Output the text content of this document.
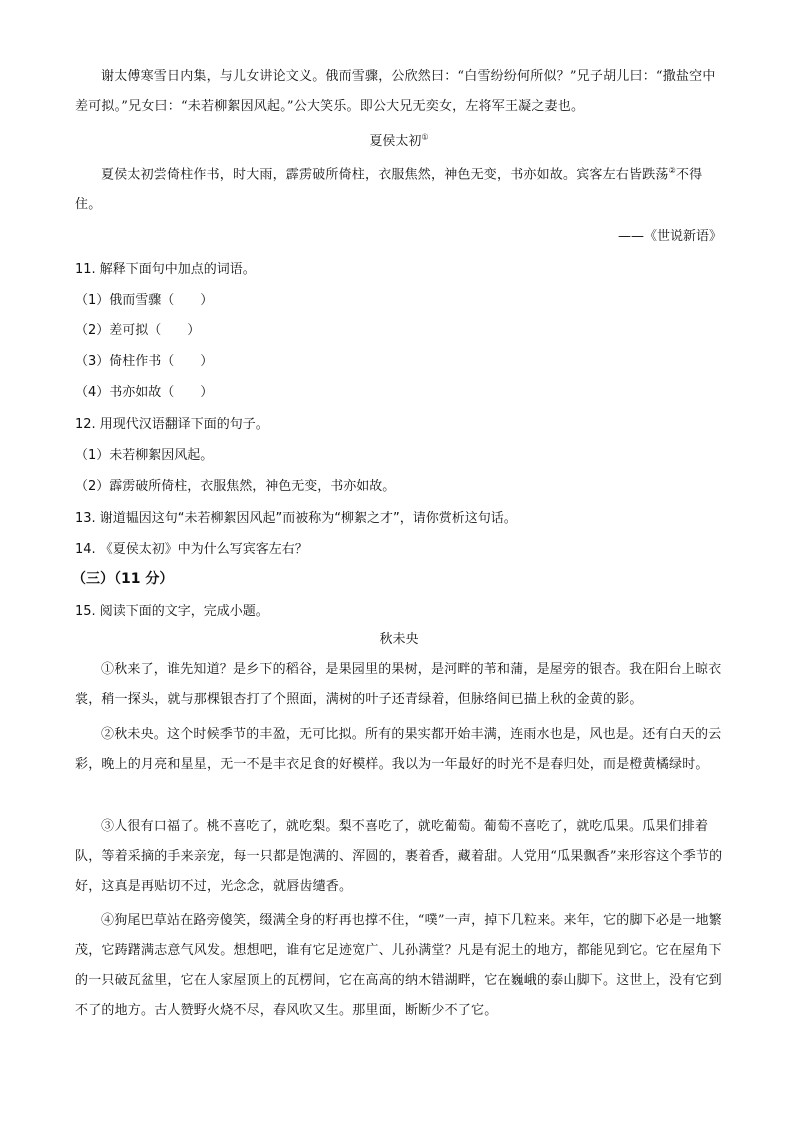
谢太傅寒雪日内集，与儿女讲论文义。俄而雪骤，公欣然曰：“白雪纷纷何所似？”兄子胡儿曰：“撒盐空中差可拟。”兄女曰：“未若柳絮因风起。”公大笑乐。即公大兄无奕女，左将军王凝之妻也。
夏侯太初①
夏侯太初尝倚柱作书，时大雨，霹雳破所倚柱，衣服焦然，神色无变，书亦如故。宾客左右皆跌荡②不得住。
——《世说新语》
11. 解释下面句中加点的词语。
（1）俄而雪骤（　　）
（2）差可拟（　　）
（3）倚柱作书（　　）
（4）书亦如故（　　）
12. 用现代汉语翻译下面的句子。
（1）未若柳絮因风起。
（2）霹雳破所倚柱，衣服焦然，神色无变，书亦如故。
13. 谢道韫因这句“未若柳絮因风起”而被称为“柳絮之才”，请你赏析这句话。
14. 《夏侯太初》中为什么写宾客左右？
（三）（11 分）
15. 阅读下面的文字，完成小题。
秋未央
①秋来了，谁先知道？是乡下的稻谷，是果园里的果树，是河畔的苇和蒲，是屋旁的银杏。我在阳台上晾衣裳，稍一探头，就与那棵银杏打了个照面，满树的叶子还青绿着，但脉络间已描上秋的金黄的影。
②秋未央。这个时候季节的丰盈，无可比拟。所有的果实都开始丰满，连雨水也是，风也是。还有白天的云彩，晚上的月亮和星星，无一不是丰衣足食的好模样。我以为一年最好的时光不是春归处，而是橙黄橘绿时。
③人很有口福了。桃不喜吃了，就吃梨。梨不喜吃了，就吃葡萄。葡萄不喜吃了，就吃瓜果。瓜果们排着队，等着采摘的手来亲宠，每一只都是饱满的、浑圆的，裹着香，藏着甜。人党用“瓜果飘香”来形容这个季节的好，这真是再贴切不过，光念念，就唇齿缱香。
④狗尾巴草站在路旁傻笑，缀满全身的籽再也撑不住，“噗”一声，掉下几粒来。来年，它的脚下必是一地繁茂，它踌躇满志意气风发。想想吧，谁有它足迹宽广、儿孙满堂？凡是有泥土的地方，都能见到它。它在屋角下的一只破瓦盆里，它在人家屋顶上的瓦楞间，它在高高的纳木错湖畔，它在巍峨的泰山脚下。这世上，没有它到不了的地方。古人赞野火烧不尽，春风吹又生。那里面，断断少不了它。
